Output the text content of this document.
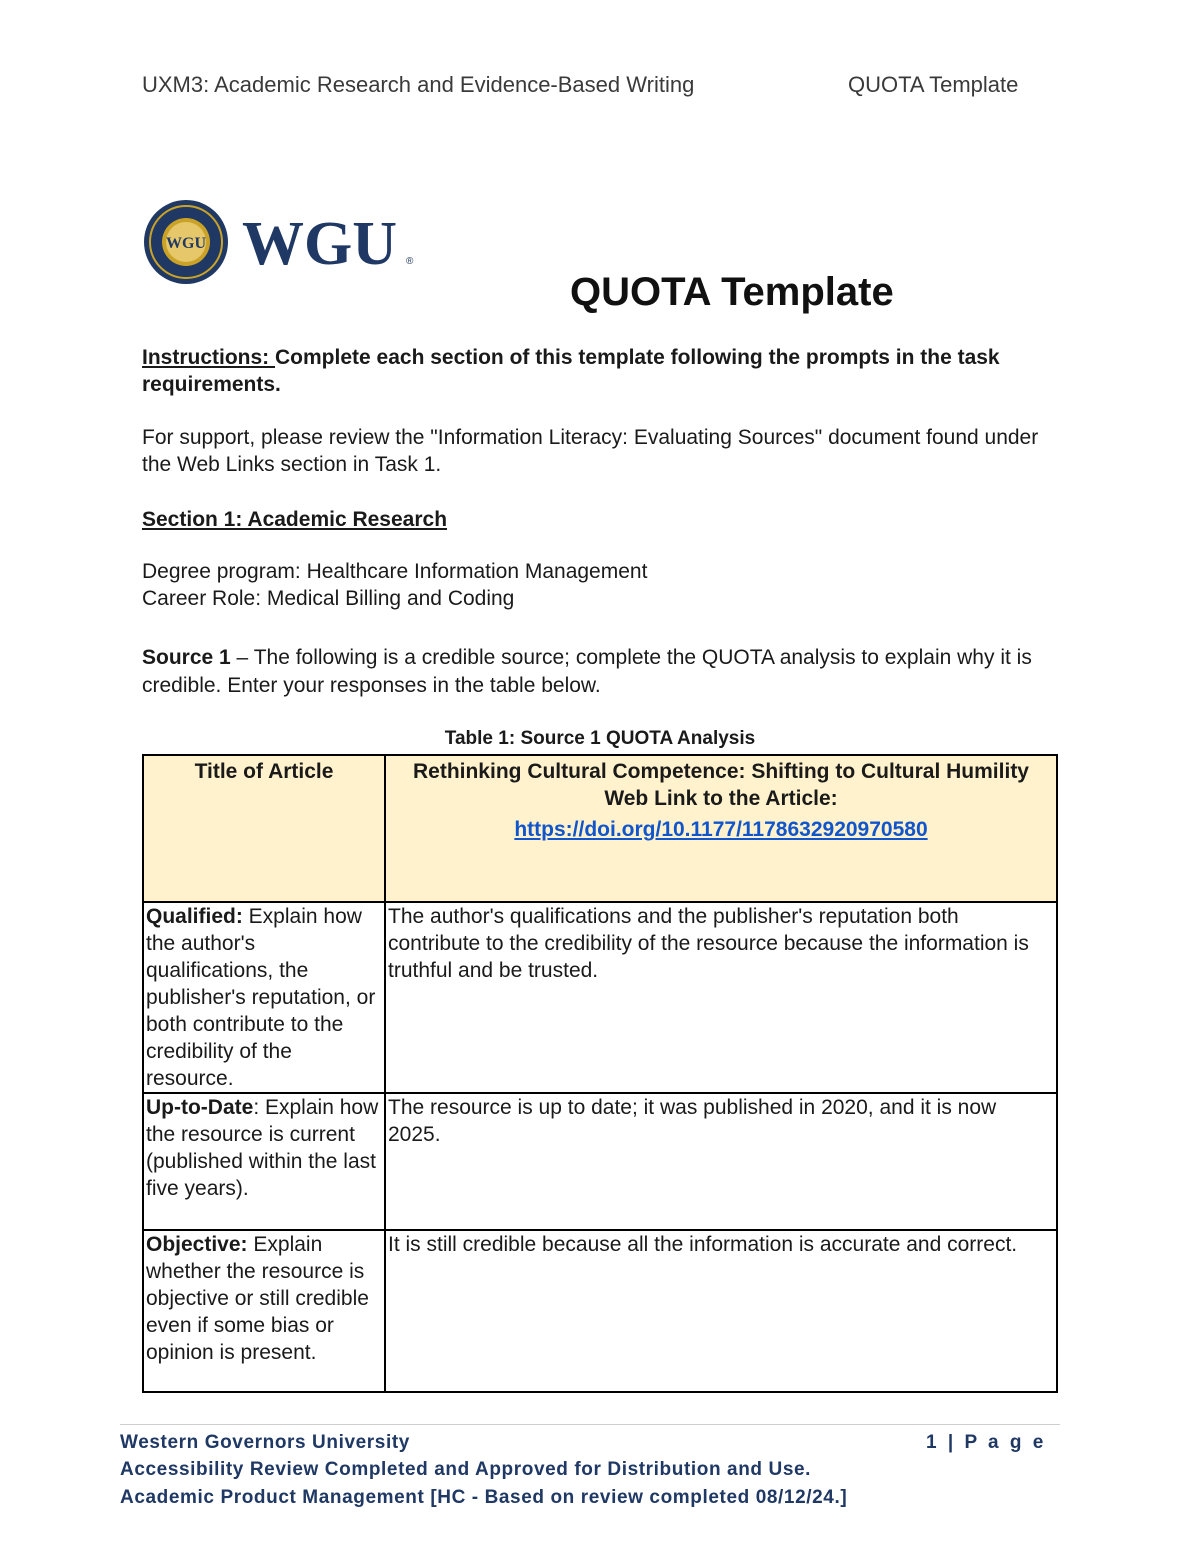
UXM3: Academic Research and Evidence-Based Writing	QUOTA Template
WGU WGU ®
QUOTA Template
Instructions: Complete each section of this template following the prompts in the task requirements.
For support, please review the "Information Literacy: Evaluating Sources" document found under the Web Links section in Task 1.
Section 1: Academic Research
Degree program: Healthcare Information Management
Career Role: Medical Billing and Coding
Source 1 – The following is a credible source; complete the QUOTA analysis to explain why it is credible. Enter your responses in the table below.
Table 1: Source 1 QUOTA Analysis
Title of Article	Rethinking Cultural Competence: Shifting to Cultural Humility
Web Link to the Article:
https://doi.org/10.1177/1178632920970580

Qualified: Explain how the author's qualifications, the publisher's reputation, or both contribute to the credibility of the resource.	The author's qualifications and the publisher's reputation both contribute to the credibility of the resource because the information is truthful and be trusted.
Up-to-Date: Explain how the resource is current (published within the last five years).	The resource is up to date; it was published in 2020, and it is now 2025.
Objective: Explain whether the resource is objective or still credible even if some bias or opinion is present.	It is still credible because all the information is accurate and correct.
Western Governors University	1 | P a g e
Accessibility Review Completed and Approved for Distribution and Use.
Academic Product Management [HC - Based on review completed 08/12/24.]
